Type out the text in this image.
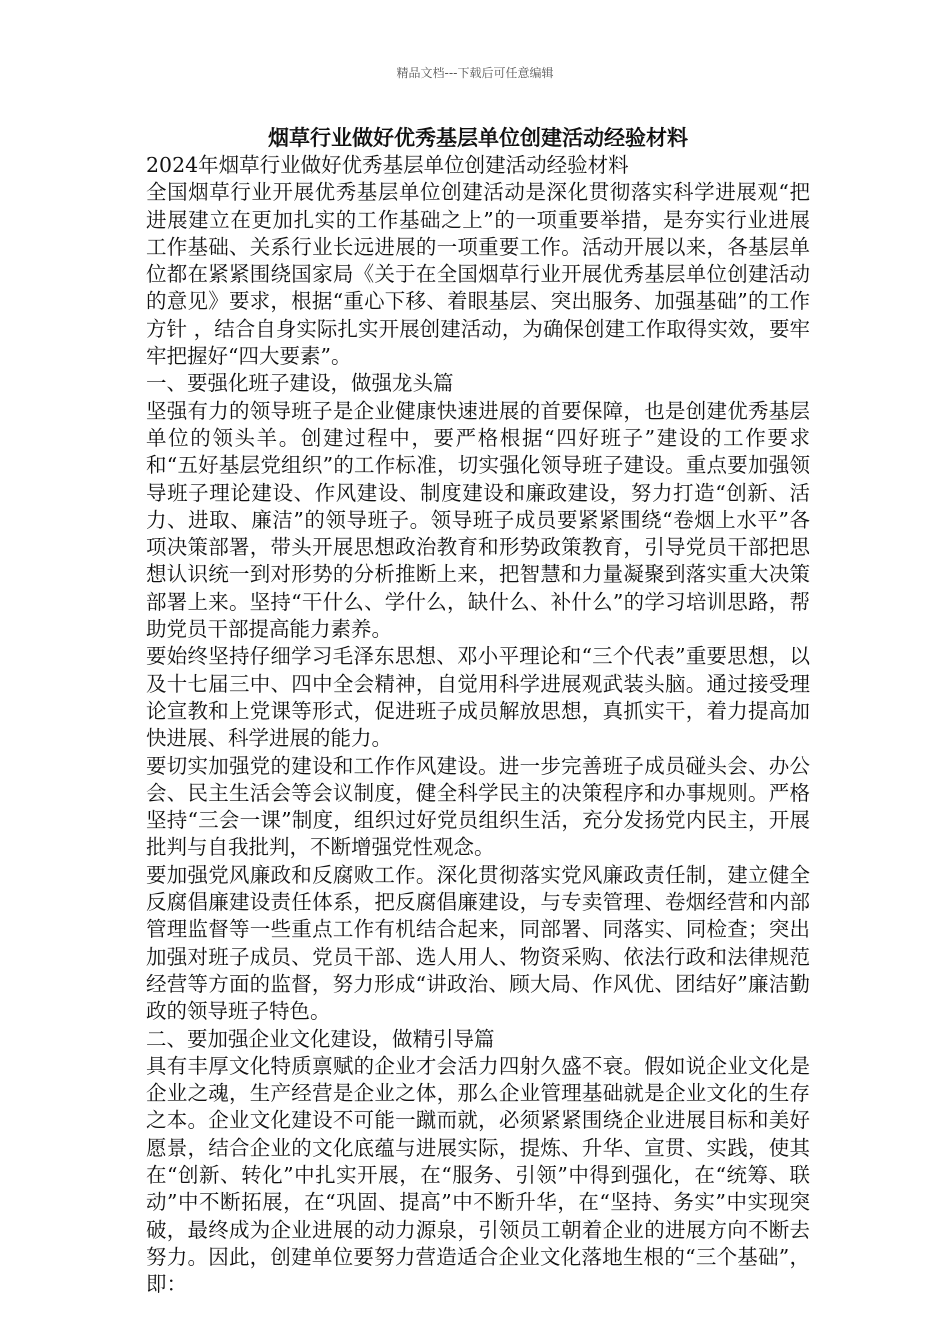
精品文档---下载后可任意编辑
烟草行业做好优秀基层单位创建活动经验材料

2024年烟草行业做好优秀基层单位创建活动经验材料

全国烟草行业开展优秀基层单位创建活动是深化贯彻落实科学进展观“把进展建立在更加扎实的工作基础之上”的一项重要举措，是夯实行业进展工作基础、关系行业长远进展的一项重要工作。活动开展以来，各基层单位都在紧紧围绕国家局《关于在全国烟草行业开展优秀基层单位创建活动的意见》要求，根据“重心下移、着眼基层、突出服务、加强基础”的工作方针 ，结合自身实际扎实开展创建活动，为确保创建工作取得实效，要牢牢把握好“四大要素”。

一、要强化班子建设，做强龙头篇

坚强有力的领导班子是企业健康快速进展的首要保障，也是创建优秀基层单位的领头羊。创建过程中，要严格根据“四好班子”建设的工作要求和“五好基层党组织”的工作标准，切实强化领导班子建设。重点要加强领导班子理论建设、作风建设、制度建设和廉政建设，努力打造“创新、活力、进取、廉洁”的领导班子。领导班子成员要紧紧围绕“卷烟上水平”各项决策部署，带头开展思想政治教育和形势政策教育，引导党员干部把思想认识统一到对形势的分析推断上来，把智慧和力量凝聚到落实重大决策部署上来。坚持“干什么、学什么，缺什么、补什么”的学习培训思路，帮助党员干部提高能力素养。

要始终坚持仔细学习毛泽东思想、邓小平理论和“三个代表”重要思想，以及十七届三中、四中全会精神，自觉用科学进展观武装头脑。通过接受理论宣教和上党课等形式，促进班子成员解放思想，真抓实干，着力提高加快进展、科学进展的能力。

要切实加强党的建设和工作作风建设。进一步完善班子成员碰头会、办公会、民主生活会等会议制度，健全科学民主的决策程序和办事规则。严格坚持“三会一课”制度，组织过好党员组织生活，充分发扬党内民主，开展批判与自我批判，不断增强党性观念。

要加强党风廉政和反腐败工作。深化贯彻落实党风廉政责任制，建立健全反腐倡廉建设责任体系，把反腐倡廉建设，与专卖管理、卷烟经营和内部管理监督等一些重点工作有机结合起来，同部署、同落实、同检查；突出加强对班子成员、党员干部、选人用人、物资采购、依法行政和法律规范经营等方面的监督，努力形成“讲政治、顾大局、作风优、团结好”廉洁勤政的领导班子特色。

二、要加强企业文化建设，做精引导篇

具有丰厚文化特质禀赋的企业才会活力四射久盛不衰。假如说企业文化是企业之魂，生产经营是企业之体，那么企业管理基础就是企业文化的生存之本。企业文化建设不可能一蹴而就，必须紧紧围绕企业进展目标和美好愿景，结合企业的文化底蕴与进展实际，提炼、升华、宣贯、实践，使其在“创新、转化”中扎实开展，在“服务、引领”中得到强化，在“统筹、联动”中不断拓展，在“巩固、提高”中不断升华，在“坚持、务实”中实现突破，最终成为企业进展的动力源泉，引领员工朝着企业的进展方向不断去努力。因此，创建单位要努力营造适合企业文化落地生根的“三个基础”，即：
